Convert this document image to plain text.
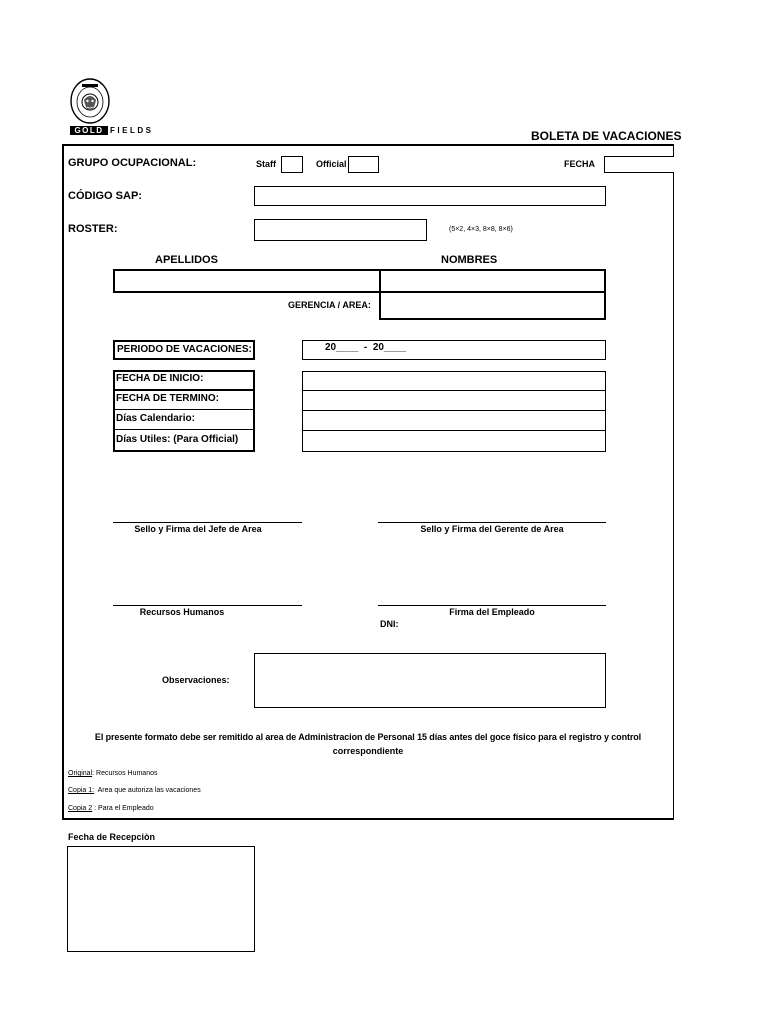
GOLD FIELDS	BOLETA DE VACACIONES
GRUPO OCUPACIONAL:	Staff	Official	FECHA
CÓDIGO SAP:
ROSTER:	(5×2, 4×3, 8×8, 8×6)
APELLIDOS	NOMBRES
GERENCIA / AREA:
PERIODO DE VACACIONES:	20____  -  20____
FECHA DE INICIO:
FECHA DE TERMINO:
Días Calendario:
Días Utiles: (Para Official)
Sello y Firma del Jefe de Area	Sello y Firma del Gerente de Area
Recursos Humanos	Firma del Empleado
DNI:
Observaciones:
El presente formato debe ser remitido al area de Administracion de Personal 15 días antes del goce físico para el registro y control
correspondiente
Original: Recursos Humanos
Copia 1:  Area que autoriza las vacaciones
Copia 2 : Para el Empleado
Fecha de Recepciòn
